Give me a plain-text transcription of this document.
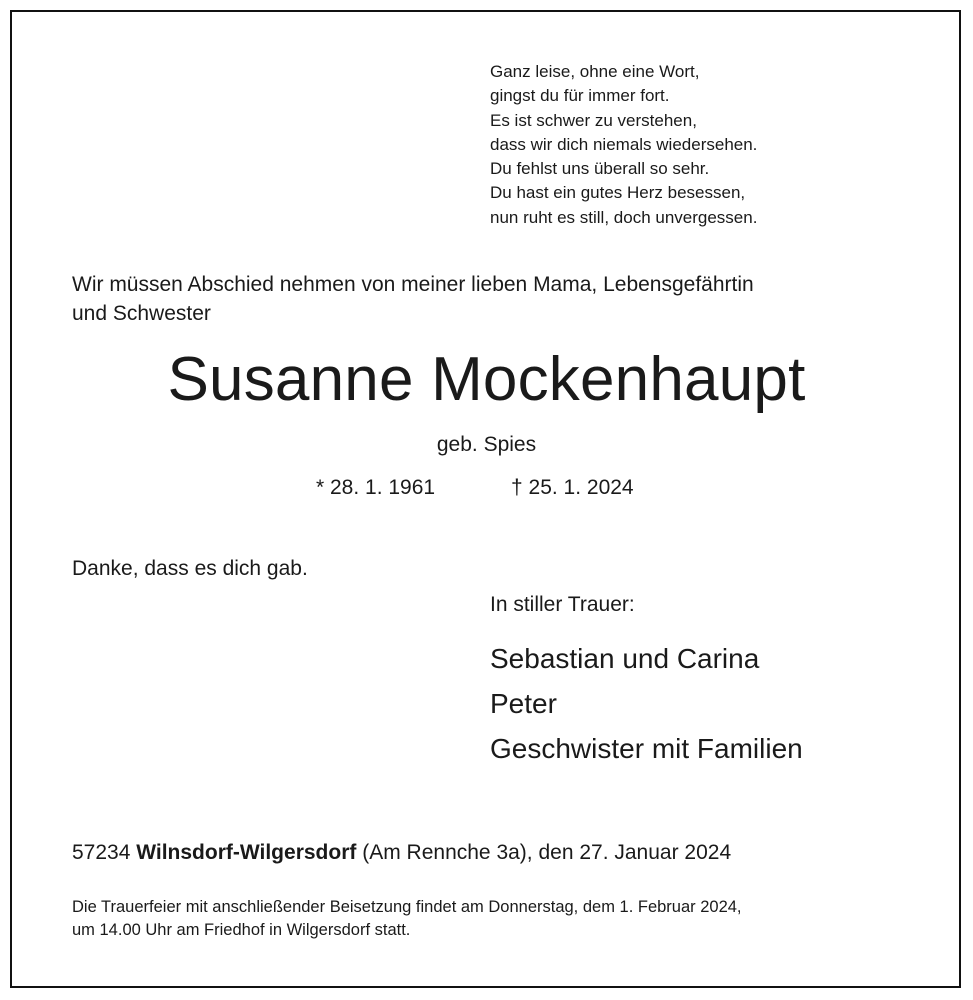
Ganz leise, ohne eine Wort,
gingst du für immer fort.
Es ist schwer zu verstehen,
dass wir dich niemals wiedersehen.
Du fehlst uns überall so sehr.
Du hast ein gutes Herz besessen,
nun ruht es still, doch unvergessen.

Wir müssen Abschied nehmen von meiner lieben Mama, Lebensgefährtin
und Schwester

Susanne Mockenhaupt
geb. Spies
* 28. 1. 1961	† 25. 1. 2024
Danke, dass es dich gab.
In stiller Trauer:
Sebastian und Carina
Peter
Geschwister mit Familien
57234 Wilnsdorf-Wilgersdorf (Am Rennche 3a), den 27. Januar 2024
Die Trauerfeier mit anschließender Beisetzung findet am Donnerstag, dem 1. Februar 2024,
um 14.00 Uhr am Friedhof in Wilgersdorf statt.
